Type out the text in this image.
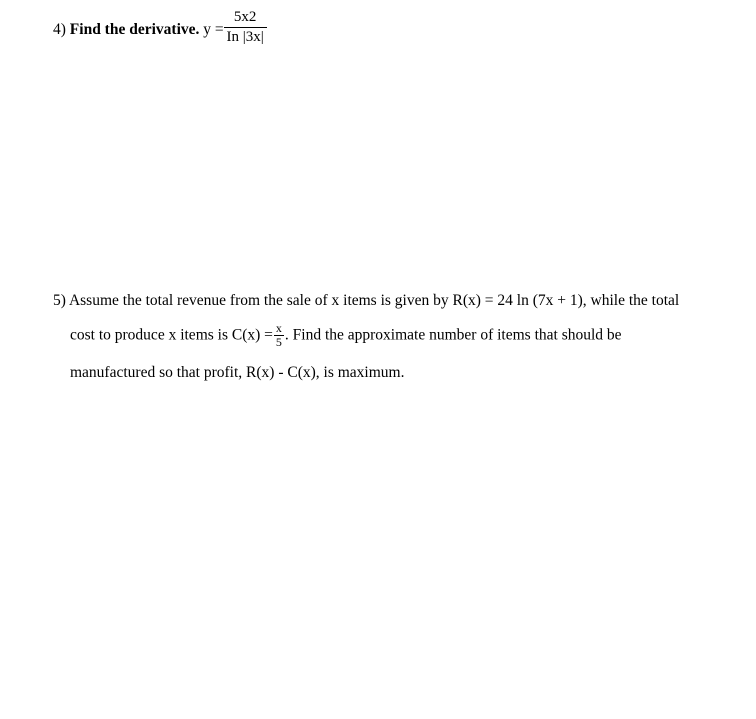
4) Find the derivative. $y = \frac{5x2}{In |3x|}$
5) Assume the total revenue from the sale of x items is given by R(x) = 24 ln (7x + 1), while the total
cost to produce x items is $C(x) = \frac{x}{5}$ . Find the approximate number of items that should be
manufactured so that profit, R(x) - C(x), is maximum.
